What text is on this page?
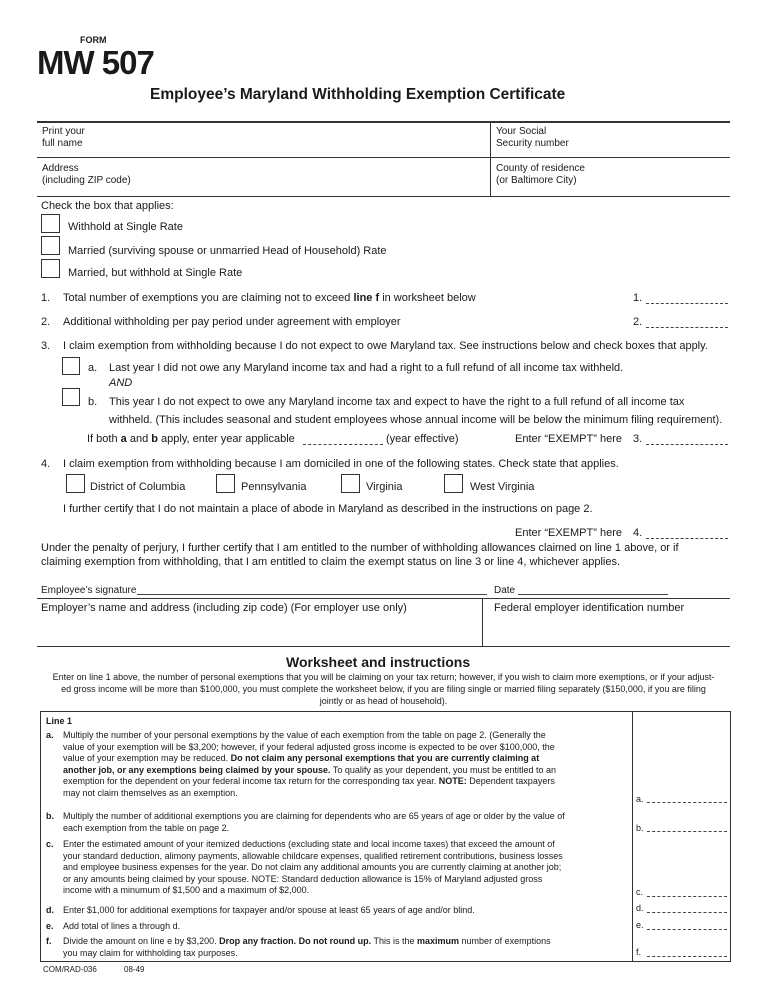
FORM
MW 507
Employee’s Maryland Withholding Exemption Certificate
Print your
full name
Your Social
Security number
Address
(including ZIP code)
County of residence
(or Baltimore City)
Check the box that applies:
Withhold at Single Rate
Married (surviving spouse or unmarried Head of Household) Rate
Married, but withhold at Single Rate
1. Total number of exemptions you are claiming not to exceed line f in worksheet below	1.
2. Additional withholding per pay period under agreement with employer	2.
3. I claim exemption from withholding because I do not expect to owe Maryland tax. See instructions below and check boxes that apply.
a. Last year I did not owe any Maryland income tax and had a right to a full refund of all income tax withheld.
AND
b. This year I do not expect to owe any Maryland income tax and expect to have the right to a full refund of all income tax
withheld. (This includes seasonal and student employees whose annual income will be below the minimum filing requirement).
If both a and b apply, enter year applicable	(year effective)	Enter “EXEMPT” here 3.
4. I claim exemption from withholding because I am domiciled in one of the following states. Check state that applies.
District of Columbia	Pennsylvania	Virginia	West Virginia
I further certify that I do not maintain a place of abode in Maryland as described in the instructions on page 2.
Enter “EXEMPT” here 4.
Under the penalty of perjury, I further certify that I am entitled to the number of withholding allowances claimed on line 1 above, or if
claiming exemption from withholding, that I am entitled to claim the exempt status on line 3 or line 4, whichever applies.
Employee’s signature	Date
Employer’s name and address (including zip code) (For employer use only)	Federal employer identification number
Worksheet and instructions
Enter on line 1 above, the number of personal exemptions that you will be claiming on your tax return; however, if you wish to claim more exemptions, or if your adjust-
ed gross income will be more than $100,000, you must complete the worksheet below, if you are filing single or married filing separately ($150,000, if you are filing
jointly or as head of household).
Line 1
a. Multiply the number of your personal exemptions by the value of each exemption from the table on page 2. (Generally the
value of your exemption will be $3,200; however, if your federal adjusted gross income is expected to be over $100,000, the
value of your exemption may be reduced. Do not claim any personal exemptions that you are currently claiming at
another job, or any exemptions being claimed by your spouse. To qualify as your dependent, you must be entitled to an
exemption for the dependent on your federal income tax return for the corresponding tax year. NOTE: Dependent taxpayers
may not claim themselves as an exemption.
a.
b. Multiply the number of additional exemptions you are claiming for dependents who are 65 years of age or older by the value of
each exemption from the table on page 2.	b.
c. Enter the estimated amount of your itemized deductions (excluding state and local income taxes) that exceed the amount of
your standard deduction, alimony payments, allowable childcare expenses, qualified retirement contributions, business losses
and employee business expenses for the year. Do not claim any additional amounts you are currently claiming at another job;
or any amounts being claimed by your spouse. NOTE: Standard deduction allowance is 15% of Maryland adjusted gross
income with a minumum of $1,500 and a maximum of $2,000.	c.
d. Enter $1,000 for additional exemptions for taxpayer and/or spouse at least 65 years of age and/or blind.	d.
e. Add total of lines a through d.	e.
f. Divide the amount on line e by $3,200. Drop any fraction. Do not round up. This is the maximum number of exemptions
you may claim for withholding tax purposes.	f.
COM/RAD-036	08-49
